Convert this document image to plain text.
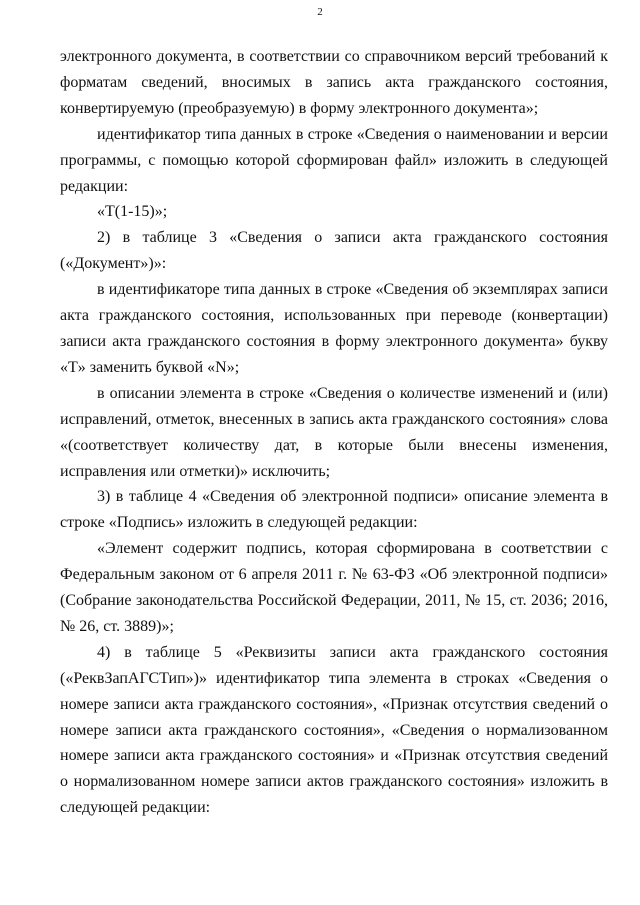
2

электронного документа, в соответствии со справочником версий требований к форматам сведений, вносимых в запись акта гражданского состояния, конвертируемую (преобразуемую) в форму электронного документа»;

идентификатор типа данных в строке «Сведения о наименовании и версии программы, с помощью которой сформирован файл» изложить в следующей редакции:

«T(1-15)»;

2) в таблице 3 «Сведения о записи акта гражданского состояния («Документ»)»:

в идентификаторе типа данных в строке «Сведения об экземплярах записи акта гражданского состояния, использованных при переводе (конвертации) записи акта гражданского состояния в форму электронного документа» букву «T» заменить буквой «N»;

в описании элемента в строке «Сведения о количестве изменений и (или) исправлений, отметок, внесенных в запись акта гражданского состояния» слова «(соответствует количеству дат, в которые были внесены изменения, исправления или отметки)» исключить;

3) в таблице 4 «Сведения об электронной подписи» описание элемента в строке «Подпись» изложить в следующей редакции:

«Элемент содержит подпись, которая сформирована в соответствии с Федеральным законом от 6 апреля 2011 г. № 63-ФЗ «Об электронной подписи» (Собрание законодательства Российской Федерации, 2011, № 15, ст. 2036; 2016, № 26, ст. 3889)»;

4) в таблице 5 «Реквизиты записи акта гражданского состояния («РеквЗапАГСТип»)» идентификатор типа элемента в строках «Сведения о номере записи акта гражданского состояния», «Признак отсутствия сведений о номере записи акта гражданского состояния», «Сведения о нормализованном номере записи акта гражданского состояния» и «Признак отсутствия сведений о нормализованном номере записи актов гражданского состояния» изложить в следующей редакции:
